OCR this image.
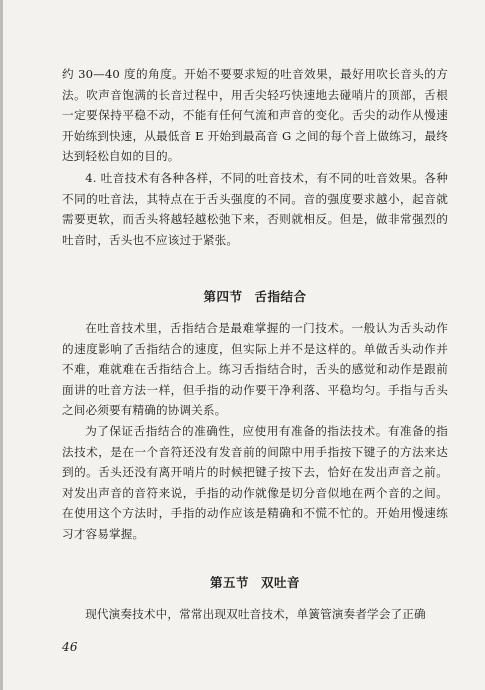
约 30—40 度的角度。开始不要要求短的吐音效果，最好用吹长音头的方法。吹声音饱满的长音过程中，用舌尖轻巧快速地去碰哨片的顶部，舌根一定要保持平稳不动，不能有任何气流和声音的变化。舌尖的动作从慢速开始练到快速，从最低音 E 开始到最高音 G 之间的每个音上做练习，最终达到轻松自如的目的。

4. 吐音技术有各种各样，不同的吐音技术，有不同的吐音效果。各种不同的吐音法，其特点在于舌头强度的不同。音的强度要求越小，起音就需要更软，而舌头将越轻越松弛下来，否则就相反。但是，做非常强烈的吐音时，舌头也不应该过于紧张。

第四节 舌指结合

在吐音技术里，舌指结合是最难掌握的一门技术。一般认为舌头动作的速度影响了舌指结合的速度，但实际上并不是这样的。单做舌头动作并不难，难就难在舌指结合上。练习舌指结合时，舌头的感觉和动作是跟前面讲的吐音方法一样，但手指的动作要干净利落、平稳均匀。手指与舌头之间必须要有精确的协调关系。

为了保证舌指结合的准确性，应使用有准备的指法技术。有准备的指法技术，是在一个音符还没有发音前的间隙中用手指按下键子的方法来达到的。舌头还没有离开哨片的时候把键子按下去，恰好在发出声音之前。对发出声音的音符来说，手指的动作就像是切分音似地在两个音的之间。在使用这个方法时，手指的动作应该是精确和不慌不忙的。开始用慢速练习才容易掌握。

第五节 双吐音

现代演奏技术中，常常出现双吐音技术，单簧管演奏者学会了正确

46
